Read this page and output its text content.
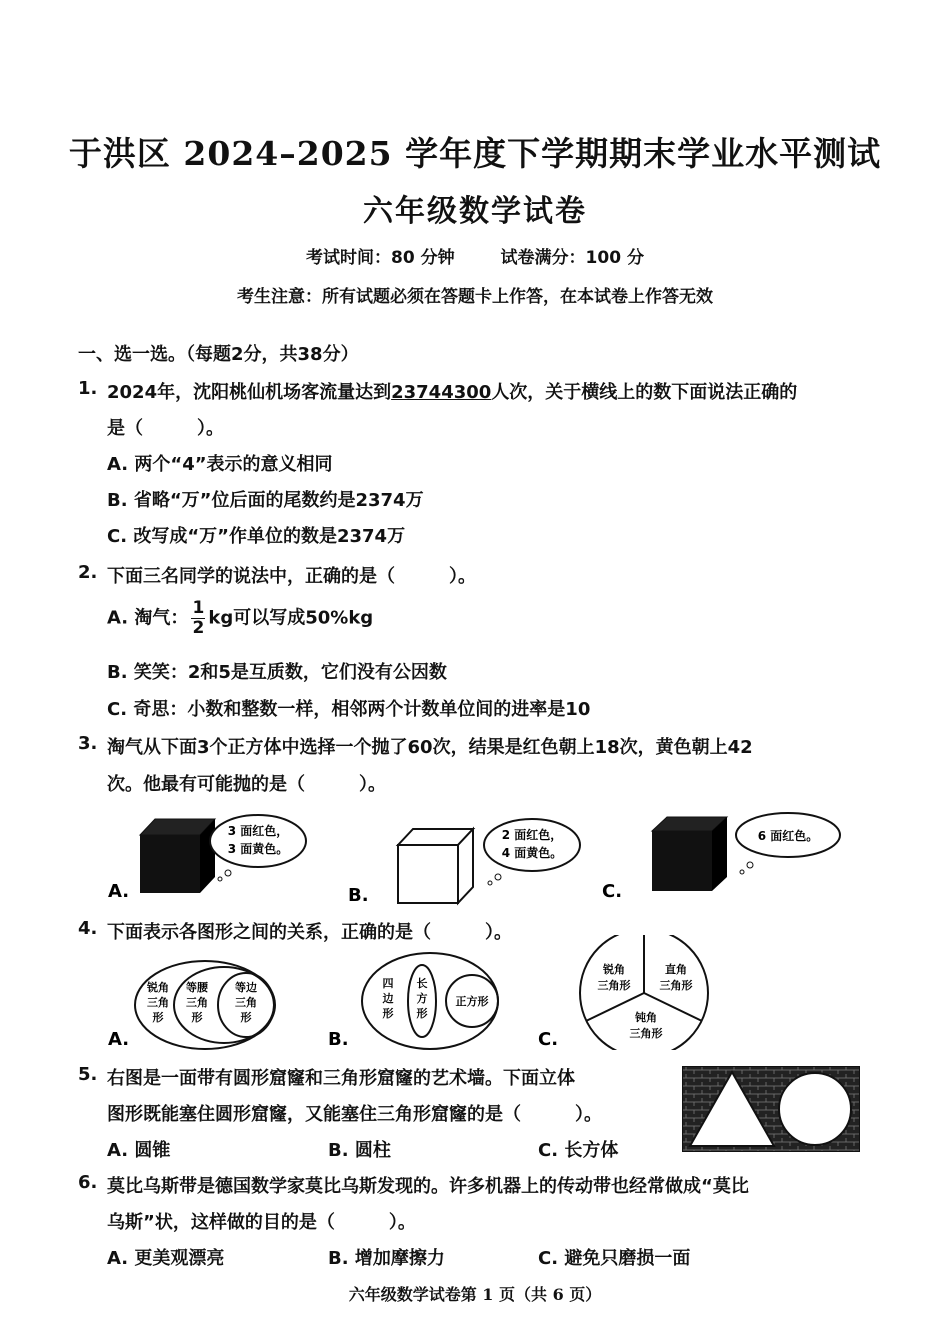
于洪区 2024–2025 学年度下学期期末学业水平测试
六年级数学试卷
考试时间：80 分钟	试卷满分：100 分
考生注意：所有试题必须在答题卡上作答，在本试卷上作答无效
一、选一选。（每题2分，共38分）
1. 2024年，沈阳桃仙机场客流量达到23744300人次，关于横线上的数下面说法正确的
是（　　　）。
A. 两个“4”表示的意义相同
B. 省略“万”位后面的尾数约是2374万
C. 改写成“万”作单位的数是2374万
2. 下面三名同学的说法中，正确的是（　　　）。
A. 淘气： $\frac{1}{2}$ kg可以写成50%kg
B. 笑笑：2和5是互质数，它们没有公因数
C. 奇思：小数和整数一样，相邻两个计数单位间的进率是10
3. 淘气从下面3个正方体中选择一个抛了60次，结果是红色朝上18次，黄色朝上42
次。他最有可能抛的是（　　　）。
3 面红色，
3 面黄色。
A.
2 面红色，
4 面黄色。
B.
6 面红色。
C.
4. 下面表示各图形之间的关系，正确的是（　　　）。
锐角
三角
形
等腰
三角
形
等边
三角
形
A.
四
边
形
长
方
形
正方形
B.
锐角
三角形
直角
三角形
钝角
三角形
C.
5. 右图是一面带有圆形窟窿和三角形窟窿的艺术墙。下面立体
图形既能塞住圆形窟窿，又能塞住三角形窟窿的是（　　　）。
A. 圆锥	B. 圆柱	C. 长方体
6. 莫比乌斯带是德国数学家莫比乌斯发现的。许多机器上的传动带也经常做成“莫比
乌斯”状，这样做的目的是（　　　）。
A. 更美观漂亮	B. 增加摩擦力	C. 避免只磨损一面
六年级数学试卷第 1 页（共 6 页）
